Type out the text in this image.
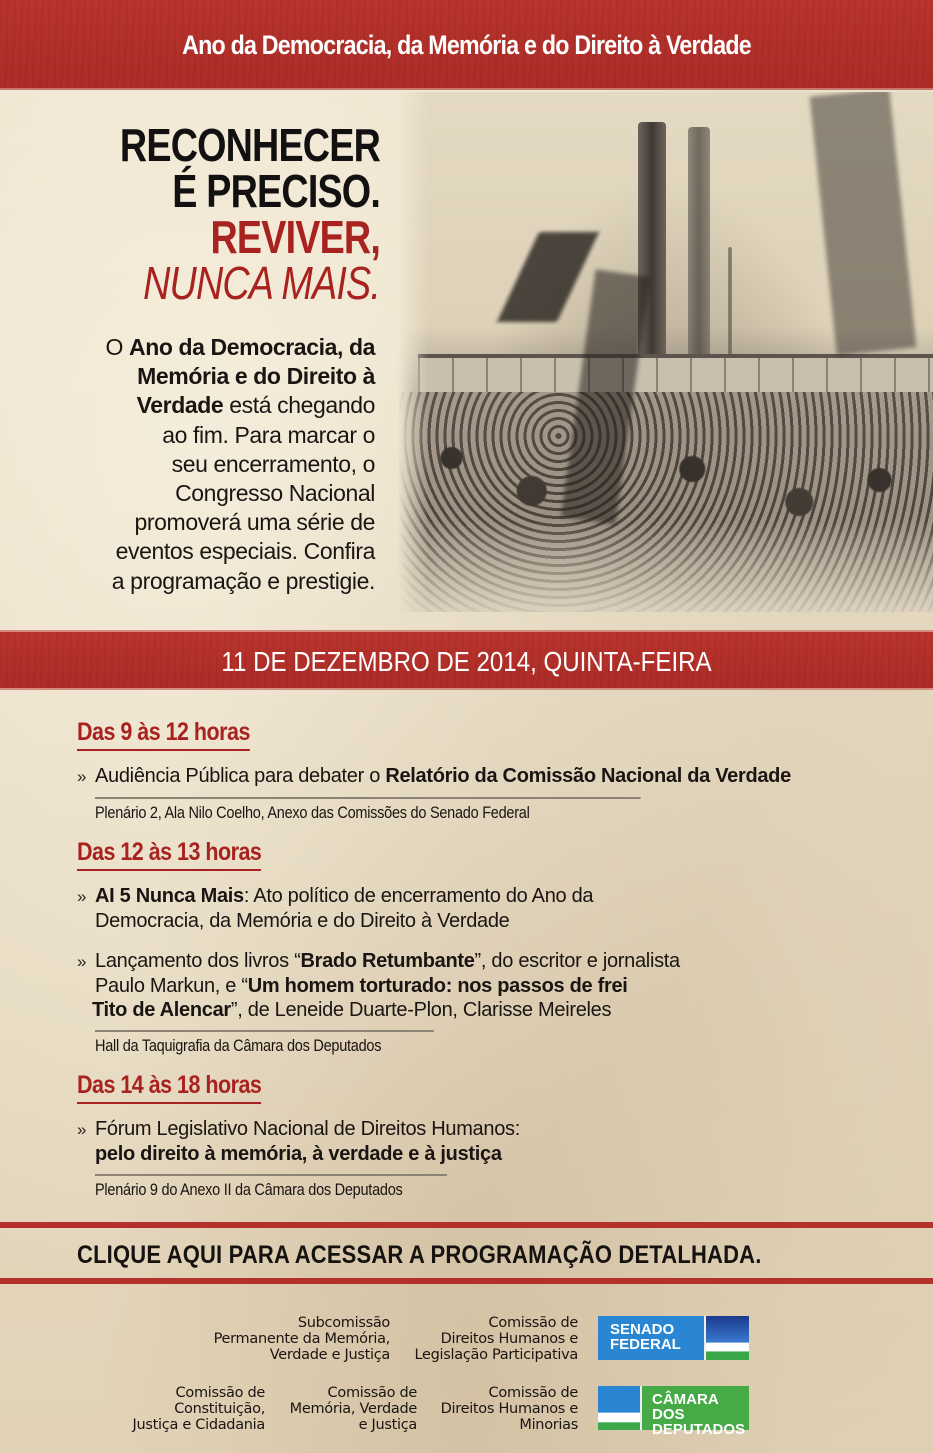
Ano da Democracia, da Memória e do Direito à Verdade
RECONHECER
É PRECISO.
REVIVER,
NUNCA MAIS.
O Ano da Democracia, da
Memória e do Direito à
Verdade está chegando
ao fim. Para marcar o
seu encerramento, o
Congresso Nacional
promoverá uma série de
eventos especiais. Confira
a programação e prestigie.
11 DE DEZEMBRO DE 2014, QUINTA-FEIRA
Das 9 às 12 horas
» Audiência Pública para debater o Relatório da Comissão Nacional da Verdade
Plenário 2, Ala Nilo Coelho, Anexo das Comissões do Senado Federal
Das 12 às 13 horas
» AI 5 Nunca Mais: Ato político de encerramento do Ano da
Democracia, da Memória e do Direito à Verdade
» Lançamento dos livros “Brado Retumbante”, do escritor e jornalista
Paulo Markun, e “Um homem torturado: nos passos de frei
Tito de Alencar”, de Leneide Duarte-Plon, Clarisse Meireles
Hall da Taquigrafia da Câmara dos Deputados
Das 14 às 18 horas
» Fórum Legislativo Nacional de Direitos Humanos:
pelo direito à memória, à verdade e à justiça
Plenário 9 do Anexo II da Câmara dos Deputados
CLIQUE AQUI PARA ACESSAR A PROGRAMAÇÃO DETALHADA.
Subcomissão
Permanente da Memória,
Verdade e Justiça
Comissão de
Direitos Humanos e
Legislação Participativa
Comissão de
Constituição,
Justiça e Cidadania
Comissão de
Memória, Verdade
e Justiça
Comissão de
Direitos Humanos e
Minorias
SENADO
FEDERAL
CÂMARA DOS
DEPUTADOS
